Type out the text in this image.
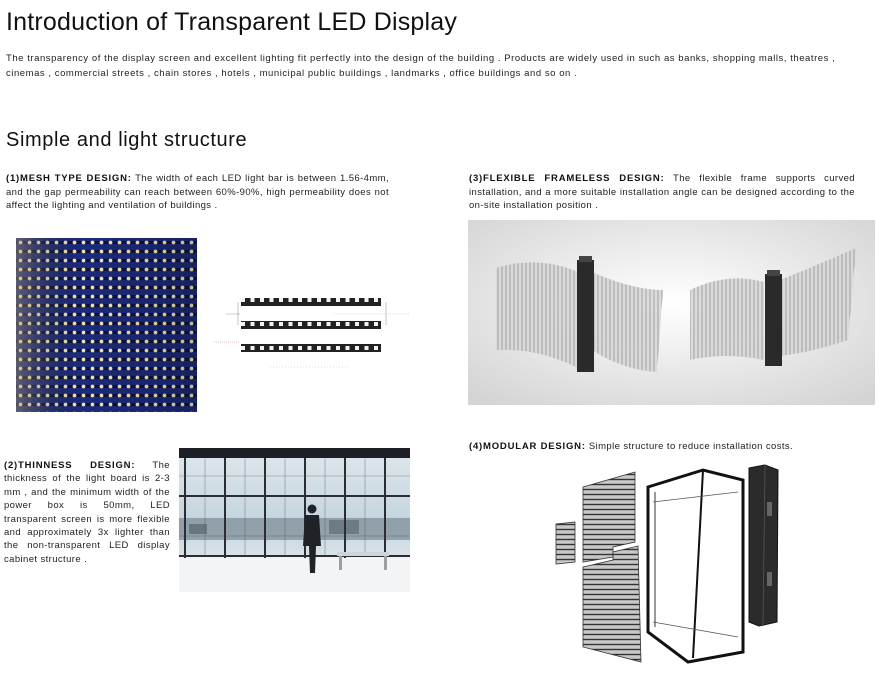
Introduction of Transparent LED Display
The transparency of the display screen and excellent lighting fit perfectly into the design of the building . Products are widely used in such as banks, shopping malls, theatres , cinemas , commercial streets , chain stores , hotels , municipal public buildings , landmarks , office buildings and so on .
Simple and light structure
(1)MESH TYPE DESIGN: The width of each LED light bar is between 1.56-4mm, and the gap permeability can reach between 60%-90%, high permeability does not affect the lighting and ventilation of buildings .
(2)THINNESS DESIGN: The thickness of the light board is 2-3 mm , and the minimum width of the power box is 50mm, LED transparent screen is more flexible and approximately 3x lighter than the non-transparent LED display cabinet structure .
(3)FLEXIBLE FRAMELESS DESIGN: The flexible frame supports curved installation, and a more suitable installation angle can be designed according to the on-site installation position .
(4)MODULAR DESIGN: Simple structure to reduce installation costs.
